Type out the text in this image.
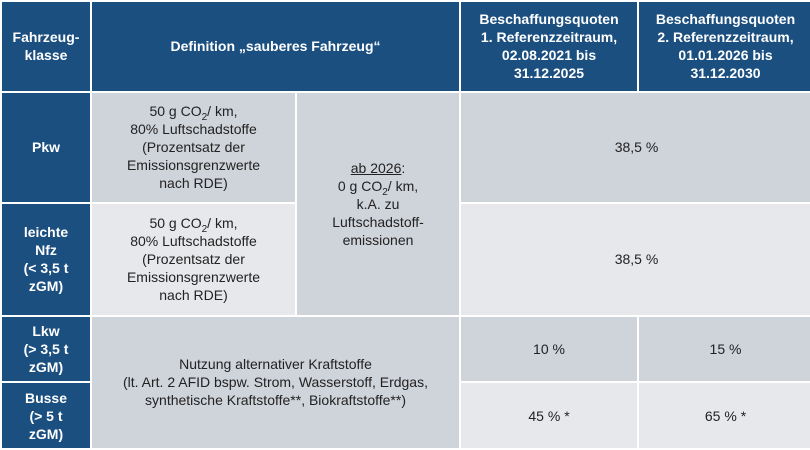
Fahrzeug-
klasse	Definition „sauberes Fahrzeug“		Beschaffungsquoten
1. Referenzzeitraum,
02.08.2021 bis
31.12.2025	Beschaffungsquoten
2. Referenzzeitraum,
01.01.2026 bis
31.12.2030

Pkw	50 g $CO_2/$ km,
80% Luftschadstoffe
(Prozentsatz der
Emissionsgrenzwerte
nach RDE)	ab 2026:
0 g $CO_2/$ km,
k.A. zu
Luftschadstoff-
emissionen	38,5 %	

leichte
Nfz
(< 3,5 t
zGM)	50 g $CO_2/$ km,
80% Luftschadstoffe
(Prozentsatz der
Emissionsgrenzwerte
nach RDE)		38,5 %	

Lkw
(> 3,5 t
zGM)	Nutzung alternativer Kraftstoffe
(lt. Art. 2 AFID bspw. Strom, Wasserstoff, Erdgas,
synthetische Kraftstoffe**, Biokraftstoffe**)		10 %	15 %

Busse
(> 5 t
zGM)			45 % *	65 % *
